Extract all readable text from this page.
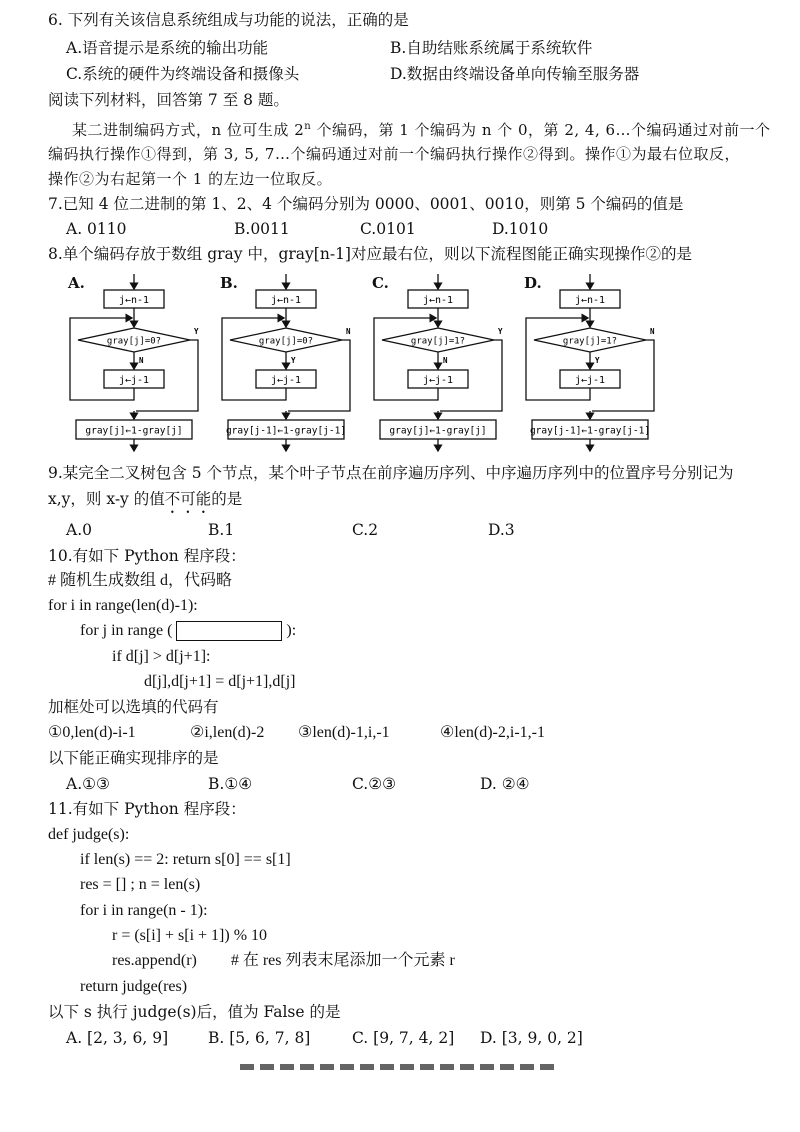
6. 下列有关该信息系统组成与功能的说法，正确的是
A.语音提示是系统的输出功能	B.自助结账系统属于系统软件
C.系统的硬件为终端设备和摄像头	D.数据由终端设备单向传输至服务器
阅读下列材料，回答第 7 至 8 题。
某二进制编码方式，n 位可生成 2$^n$ 个编码，第 1 个编码为 n 个 0，第 2, 4, 6…个编码通过对前一个
编码执行操作①得到，第 3, 5, 7…个编码通过对前一个编码执行操作②得到。操作①为最右位取反，
操作②为右起第一个 1 的左边一位取反。
7.已知 4 位二进制的第 1、2、4 个编码分别为 0000、0001、0010，则第 5 个编码的值是
A. 0110	B.0011	C.0101	D.1010
8.单个编码存放于数组 gray 中，gray[n-1]对应最右位，则以下流程图能正确实现操作②的是
A.	B.	C.	D.
j←n-1
gray[j]=0?
N
j←j-1
Y
gray[j]←1-gray[j]
j←n-1
gray[j]=0?
Y
j←j-1
N
gray[j-1]←1-gray[j-1]
j←n-1
gray[j]=1?
N
j←j-1
Y
gray[j]←1-gray[j]
j←n-1
gray[j]=1?
Y
j←j-1
N
gray[j-1]←1-gray[j-1]
9.某完全二叉树包含 5 个节点，某个叶子节点在前序遍历序列、中序遍历序列中的位置序号分别记为
x,y，则 x-y 的值不可能的是
A.0	B.1	C.2	D.3
10.有如下 Python 程序段：
# 随机生成数组 d，代码略
for i in range(len(d)-1):
for j in range (	):
if d[j] > d[j+1]:
d[j],d[j+1] = d[j+1],d[j]
加框处可以选填的代码有
①0,len(d)-i-1	②i,len(d)-2 ③len(d)-1,i,-1	④len(d)-2,i-1,-1
以下能正确实现排序的是
A.①③	B.①④	C.②③	D. ②④
11.有如下 Python 程序段：
def judge(s):
if len(s) == 2: return s[0] == s[1]
res = [] ; n = len(s)
for i in range(n - 1):
r = (s[i] + s[i + 1]) % 10
res.append(r) # 在 res 列表末尾添加一个元素 r
return judge(res)
以下 s 执行 judge(s)后，值为 False 的是
A. [2, 3, 6, 9]	B. [5, 6, 7, 8]	C. [9, 7, 4, 2] D. [3, 9, 0, 2]
